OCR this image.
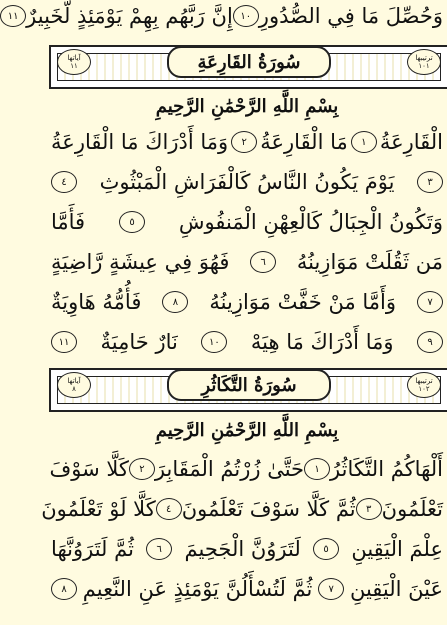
وَحُصِّلَ مَا فِي الصُّدُورِ
١٠
إِنَّ رَبَّهُم بِهِمْ يَوْمَئِذٍ لَّخَبِيرٌ
١١
ترتيبها
١٠١
سُورَةُ القَارِعَةِ
آياتها
١١
بِسْمِ اللَّهِ الرَّحْمَٰنِ الرَّحِيمِ
الْقَارِعَةُ
١
مَا الْقَارِعَةُ
٢
وَمَا أَدْرَاكَ مَا الْقَارِعَةُ
٣
يَوْمَ يَكُونُ النَّاسُ كَالْفَرَاشِ الْمَبْثُوثِ
٤
وَتَكُونُ الْجِبَالُ كَالْعِهْنِ الْمَنفُوشِ
٥
فَأَمَّا
مَن ثَقُلَتْ مَوَازِينُهُ
٦
فَهُوَ فِي عِيشَةٍ رَّاضِيَةٍ
٧
وَأَمَّا مَنْ خَفَّتْ مَوَازِينُهُ
٨
فَأُمُّهُ هَاوِيَةٌ
٩
وَمَا أَدْرَاكَ مَا هِيَهْ
١٠
نَارٌ حَامِيَةٌ
١١
ترتيبها
١٠٢
سُورَةُ التَّكَاثُرِ
آياتها
٨
بِسْمِ اللَّهِ الرَّحْمَٰنِ الرَّحِيمِ
أَلْهَاكُمُ التَّكَاثُرُ
١
حَتَّىٰ زُرْتُمُ الْمَقَابِرَ
٢
كَلَّا سَوْفَ
تَعْلَمُونَ
٣
ثُمَّ كَلَّا سَوْفَ تَعْلَمُونَ
٤
كَلَّا لَوْ تَعْلَمُونَ
عِلْمَ الْيَقِينِ
٥
لَتَرَوُنَّ الْجَحِيمَ
٦
ثُمَّ لَتَرَوُنَّهَا
عَيْنَ الْيَقِينِ
٧
ثُمَّ لَتُسْأَلُنَّ يَوْمَئِذٍ عَنِ النَّعِيمِ
٨
